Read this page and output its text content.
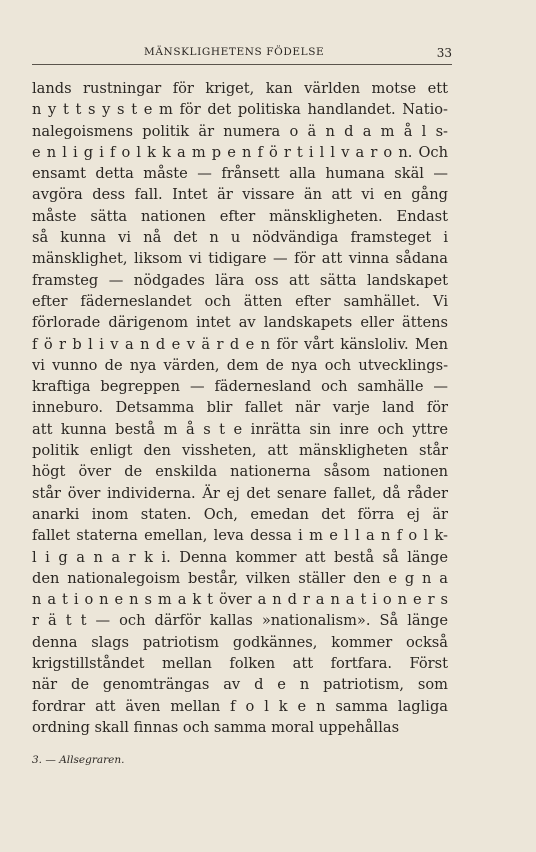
MÄNSKLIGHETENS FÖDELSE	33
lands rustningar för kriget, kan världen motse ett
n y t t s y s t e m för det politiska handlandet. Natio-
nalegoismens politik är numera o ä n d a m å l s-
e n l i g i f o l k k a m p e n f ö r t i l l v a r o n. Och
ensamt detta måste — frånsett alla humana skäl —
avgöra dess fall. Intet är vissare än att vi en gång
måste sätta nationen efter mänskligheten. Endast
så kunna vi nå det n u nödvändiga framsteget i
mänsklighet, liksom vi tidigare — för att vinna sådana
framsteg — nödgades lära oss att sätta landskapet
efter fäderneslandet och ätten efter samhället. Vi
förlorade därigenom intet av landskapets eller ättens
f ö r b l i v a n d e v ä r d e n för vårt känsloliv. Men
vi vunno de nya värden, dem de nya och utvecklings-
kraftiga begreppen — fädernesland och samhälle —
inneburo. Detsamma blir fallet när varje land för
att kunna bestå m å s t e inrätta sin inre och yttre
politik enligt den vissheten, att mänskligheten står
högt över de enskilda nationerna såsom nationen
står över individerna. Är ej det senare fallet, då råder
anarki inom staten. Och, emedan det förra ej är
fallet staterna emellan, leva dessa i m e l l a n f o l k-
l i g a n a r k i. Denna kommer att bestå så länge
den nationalegoism består, vilken ställer den e g n a
n a t i o n e n s m a k t över a n d r a n a t i o n e r s
r ä t t — och därför kallas »nationalism». Så länge
denna slags patriotism godkännes, kommer också
krigstillståndet mellan folken att fortfara. Först
när de genomträngas av d e n patriotism, som
fordrar att även mellan f o l k e n samma lagliga
ordning skall finnas och samma moral uppehållas
3. — Allsegraren.
